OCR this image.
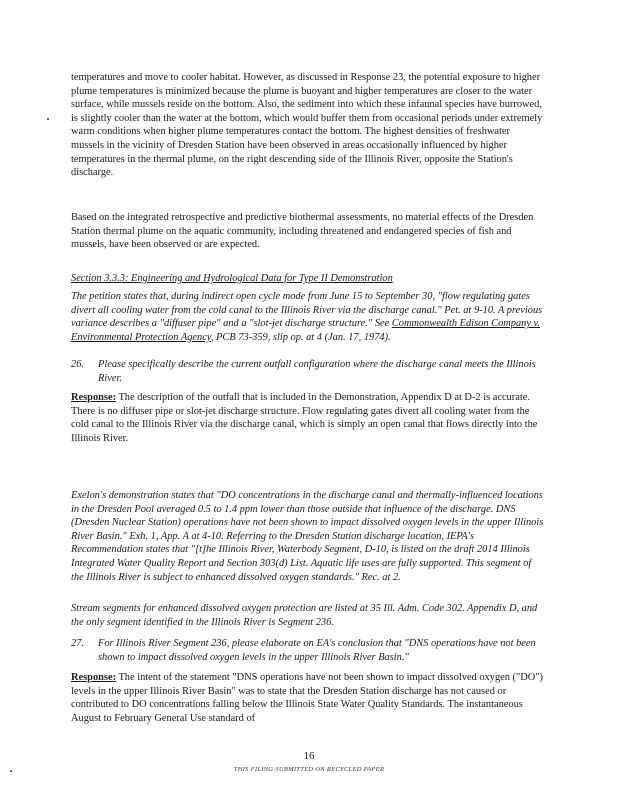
temperatures and move to cooler habitat. However, as discussed in Response 23, the potential exposure to higher plume temperatures is minimized because the plume is buoyant and higher temperatures are closer to the water surface, while mussels reside on the bottom. Also, the sediment into which these infaunal species have burrowed, is slightly cooler than the water at the bottom, which would buffer them from occasional periods under extremely warm conditions when higher plume temperatures contact the bottom. The highest densities of freshwater mussels in the vicinity of Dresden Station have been observed in areas occasionally influenced by higher temperatures in the thermal plume, on the right descending side of the Illinois River, opposite the Station's discharge.

Based on the integrated retrospective and predictive biothermal assessments, no material effects of the Dresden Station thermal plume on the aquatic community, including threatened and endangered species of fish and mussels, have been observed or are expected.

Section 3.3.3: Engineering and Hydrological Data for Type II Demonstration

The petition states that, during indirect open cycle mode from June 15 to September 30, "flow regulating gates divert all cooling water from the cold canal to the Illinois River via the discharge canal." Pet. at 9-10. A previous variance describes a "diffuser pipe" and a "slot-jet discharge structure." See Commonwealth Edison Company v. Environmental Protection Agency, PCB 73-359, slip op. at 4 (Jan. 17, 1974).

26. Please specifically describe the current outfall configuration where the discharge canal meets the Illinois River.

Response: The description of the outfall that is included in the Demonstration, Appendix D at D-2 is accurate. There is no diffuser pipe or slot-jet discharge structure. Flow regulating gates divert all cooling water from the cold canal to the Illinois River via the discharge canal, which is simply an open canal that flows directly into the Illinois River.

Exelon's demonstration states that "DO concentrations in the discharge canal and thermally-influenced locations in the Dresden Pool averaged 0.5 to 1.4 ppm lower than those outside that influence of the discharge. DNS (Dresden Nuclear Station) operations have not been shown to impact dissolved oxygen levels in the upper Illinois River Basin." Exh. 1, App. A at 4-10. Referring to the Dresden Station discharge location, IEPA's Recommendation states that "[t]he Illinois River, Waterbody Segment, D-10, is listed on the draft 2014 Illinois Integrated Water Quality Report and Section 303(d) List. Aquatic life uses are fully supported. This segment of the Illinois River is subject to enhanced dissolved oxygen standards." Rec. at 2.

Stream segments for enhanced dissolved oxygen protection are listed at 35 Ill. Adm. Code 302. Appendix D, and the only segment identified in the Illinois River is Segment 236.

27. For Illinois River Segment 236, please elaborate on EA's conclusion that "DNS operations have not been shown to impact dissolved oxygen levels in the upper Illinois River Basin."

Response: The intent of the statement "DNS operations have not been shown to impact dissolved oxygen ("DO") levels in the upper Illinois River Basin" was to state that the Dresden Station discharge has not caused or contributed to DO concentrations falling below the Illinois State Water Quality Standards. The instantaneous August to February General Use standard of

16
THIS FILING SUBMITTED ON RECYCLED PAPER
